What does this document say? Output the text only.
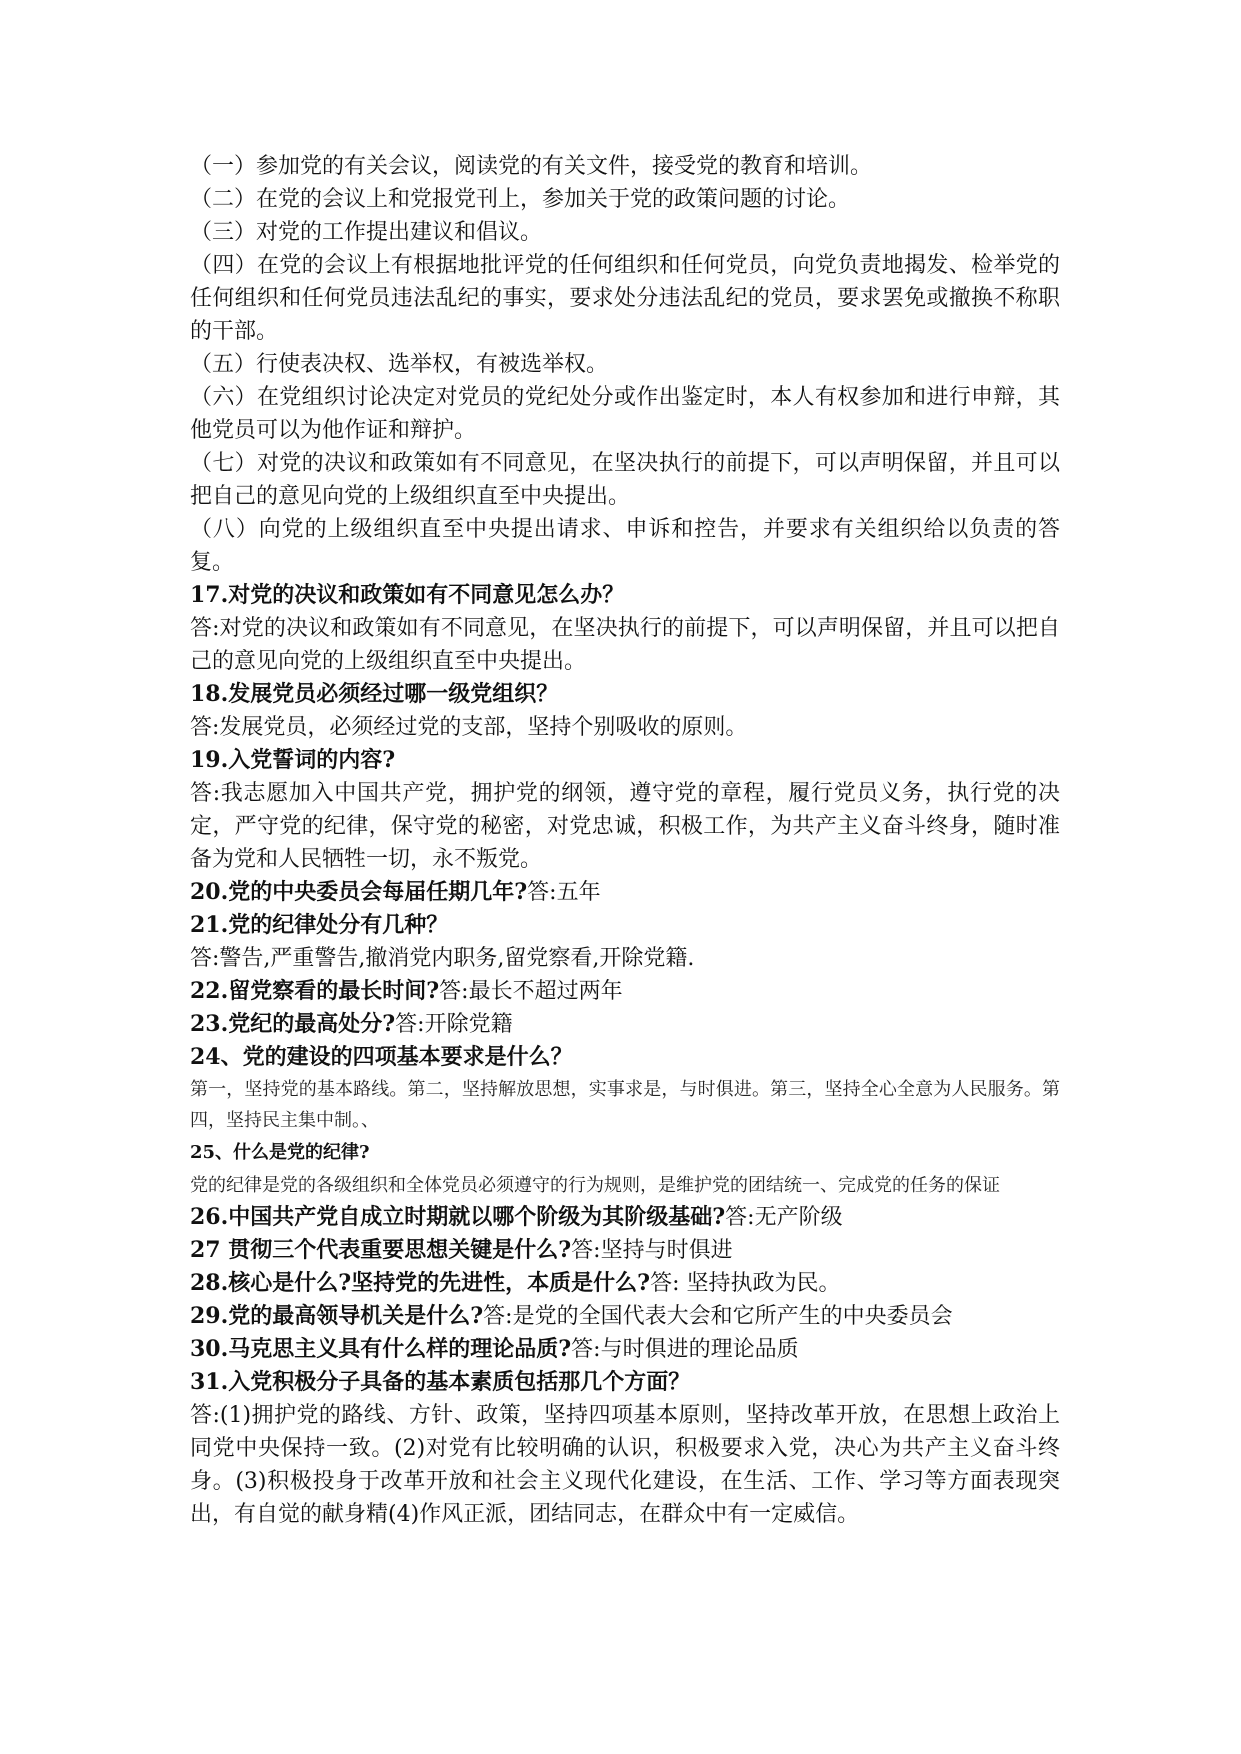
（一）参加党的有关会议，阅读党的有关文件，接受党的教育和培训。

（二）在党的会议上和党报党刊上，参加关于党的政策问题的讨论。

（三）对党的工作提出建议和倡议。

（四）在党的会议上有根据地批评党的任何组织和任何党员，向党负责地揭发、检举党的任何组织和任何党员违法乱纪的事实，要求处分违法乱纪的党员，要求罢免或撤换不称职的干部。

（五）行使表决权、选举权，有被选举权。

（六）在党组织讨论决定对党员的党纪处分或作出鉴定时，本人有权参加和进行申辩，其他党员可以为他作证和辩护。

（七）对党的决议和政策如有不同意见，在坚决执行的前提下，可以声明保留，并且可以把自己的意见向党的上级组织直至中央提出。

（八）向党的上级组织直至中央提出请求、申诉和控告，并要求有关组织给以负责的答复。

17.对党的决议和政策如有不同意见怎么办？

答:对党的决议和政策如有不同意见，在坚决执行的前提下，可以声明保留，并且可以把自己的意见向党的上级组织直至中央提出。

18.发展党员必须经过哪一级党组织？

答:发展党员，必须经过党的支部，坚持个别吸收的原则。

19.入党誓词的内容?

答:我志愿加入中国共产党，拥护党的纲领，遵守党的章程，履行党员义务，执行党的决定，严守党的纪律，保守党的秘密，对党忠诚，积极工作，为共产主义奋斗终身，随时准备为党和人民牺牲一切，永不叛党。

20.党的中央委员会每届任期几年?答:五年

21.党的纪律处分有几种？

答:警告,严重警告,撤消党内职务,留党察看,开除党籍.

22.留党察看的最长时间?答:最长不超过两年

23.党纪的最高处分?答:开除党籍

24、党的建设的四项基本要求是什么？

第一，坚持党的基本路线。第二，坚持解放思想，实事求是，与时俱进。第三，坚持全心全意为人民服务。第四，坚持民主集中制。、

25、什么是党的纪律?

党的纪律是党的各级组织和全体党员必须遵守的行为规则，是维护党的团结统一、完成党的任务的保证

26.中国共产党自成立时期就以哪个阶级为其阶级基础?答:无产阶级

27 贯彻三个代表重要思想关键是什么?答:坚持与时俱进

28.核心是什么?坚持党的先进性，本质是什么?答: 坚持执政为民。

29.党的最高领导机关是什么?答:是党的全国代表大会和它所产生的中央委员会

30.马克思主义具有什么样的理论品质?答:与时俱进的理论品质

31.入党积极分子具备的基本素质包括那几个方面？

答:(1)拥护党的路线、方针、政策，坚持四项基本原则，坚持改革开放，在思想上政治上同党中央保持一致。(2)对党有比较明确的认识，积极要求入党，决心为共产主义奋斗终身。(3)积极投身于改革开放和社会主义现代化建设，在生活、工作、学习等方面表现突出，有自觉的献身精(4)作风正派，团结同志，在群众中有一定威信。
